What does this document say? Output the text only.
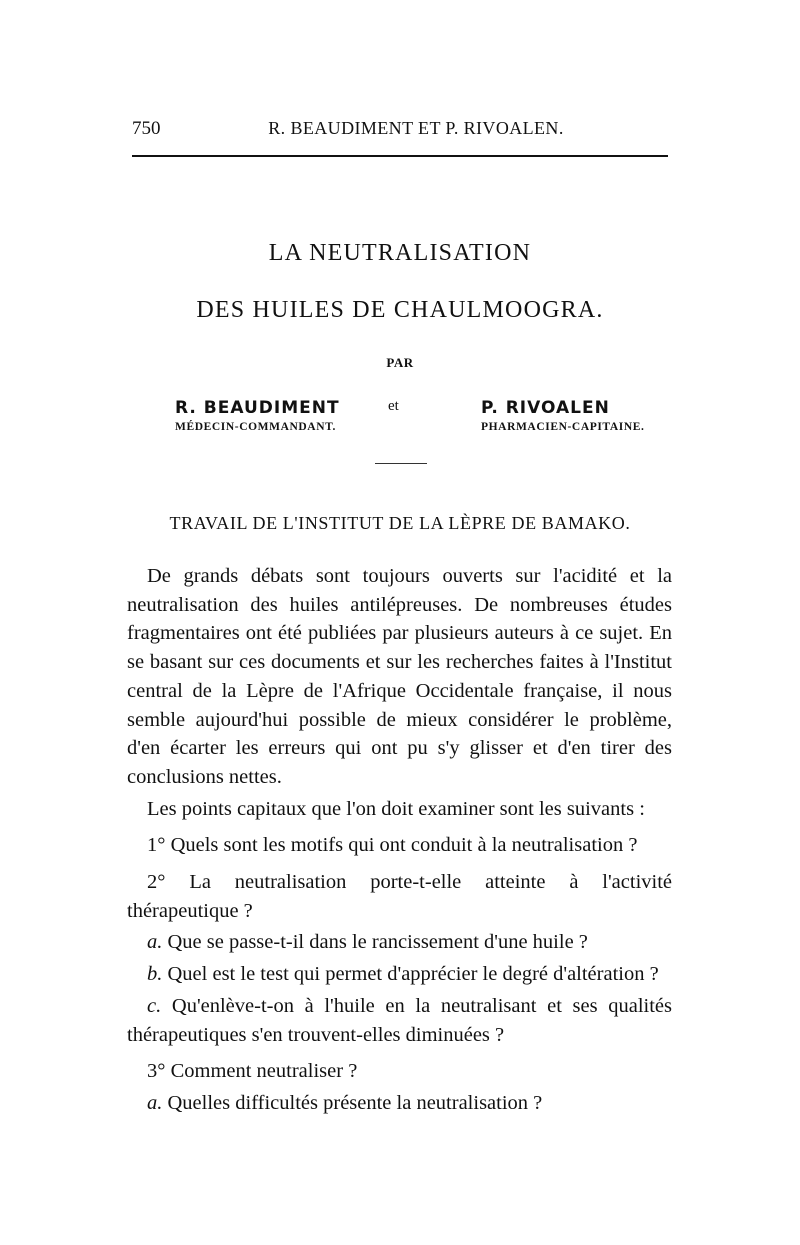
750	R. BEAUDIMENT ET P. RIVOALEN.
LA NEUTRALISATION
DES HUILES DE CHAULMOOGRA.
PAR
R. BEAUDIMENT	et	P. RIVOALEN
MÉDECIN-COMMANDANT.	PHARMACIEN-CAPITAINE.
TRAVAIL DE L'INSTITUT DE LA LÈPRE DE BAMAKO.

De grands débats sont toujours ouverts sur l'acidité et la neutralisation des huiles antilépreuses. De nombreuses études fragmentaires ont été publiées par plusieurs auteurs à ce sujet. En se basant sur ces documents et sur les recherches faites à l'Institut central de la Lèpre de l'Afrique Occidentale française, il nous semble aujourd'hui possible de mieux considérer le problème, d'en écarter les erreurs qui ont pu s'y glisser et d'en tirer des conclusions nettes.

Les points capitaux que l'on doit examiner sont les suivants :

1° Quels sont les motifs qui ont conduit à la neutralisation ?

2° La neutralisation porte-t-elle atteinte à l'activité thérapeutique ?

a. Que se passe-t-il dans le rancissement d'une huile ?

b. Quel est le test qui permet d'apprécier le degré d'altération ?

c. Qu'enlève-t-on à l'huile en la neutralisant et ses qualités thérapeutiques s'en trouvent-elles diminuées ?

3° Comment neutraliser ?

a. Quelles difficultés présente la neutralisation ?
